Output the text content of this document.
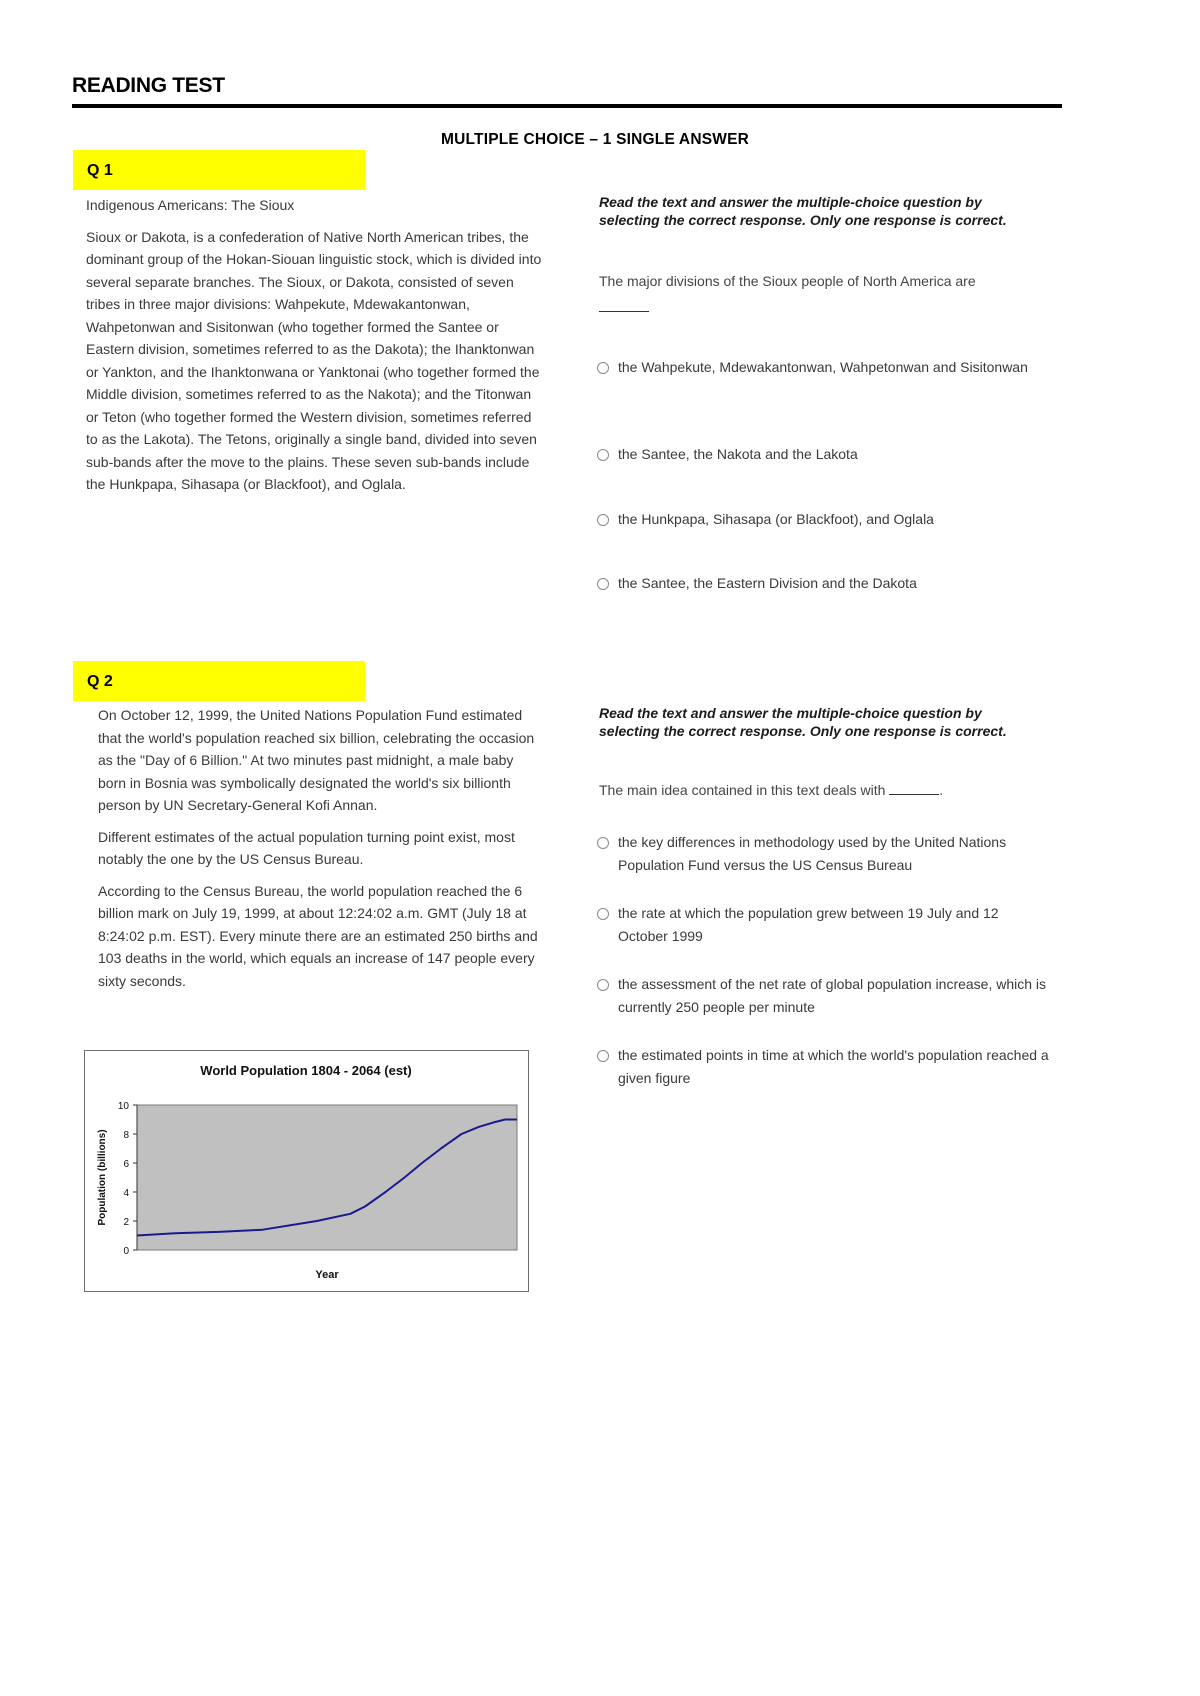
READING TEST
MULTIPLE CHOICE – 1 SINGLE ANSWER
Q 1

Indigenous Americans: The Sioux

Sioux or Dakota, is a confederation of Native North American tribes, the dominant group of the Hokan-Siouan linguistic stock, which is divided into several separate branches. The Sioux, or Dakota, consisted of seven tribes in three major divisions: Wahpekute, Mdewakantonwan, Wahpetonwan and Sisitonwan (who together formed the Santee or Eastern division, sometimes referred to as the Dakota); the Ihanktonwan or Yankton, and the Ihanktonwana or Yanktonai (who together formed the Middle division, sometimes referred to as the Nakota); and the Titonwan or Teton (who together formed the Western division, sometimes referred to as the Lakota). The Tetons, originally a single band, divided into seven sub-bands after the move to the plains. These seven sub-bands include the Hunkpapa, Sihasapa (or Blackfoot), and Oglala.

Read the text and answer the multiple-choice question by selecting the correct response. Only one response is correct.
The major divisions of the Sioux people of North America are

the Wahpekute, Mdewakantonwan, Wahpetonwan and Sisitonwan
the Santee, the Nakota and the Lakota
the Hunkpapa, Sihasapa (or Blackfoot), and Oglala
the Santee, the Eastern Division and the Dakota
Q 2

On October 12, 1999, the United Nations Population Fund estimated that the world's population reached six billion, celebrating the occasion as the "Day of 6 Billion." At two minutes past midnight, a male baby born in Bosnia was symbolically designated the world's six billionth person by UN Secretary-General Kofi Annan.

Different estimates of the actual population turning point exist, most notably the one by the US Census Bureau.

According to the Census Bureau, the world population reached the 6 billion mark on July 19, 1999, at about 12:24:02 a.m. GMT (July 18 at 8:24:02 p.m. EST). Every minute there are an estimated 250 births and 103 deaths in the world, which equals an increase of 147 people every sixty seconds.

Read the text and answer the multiple-choice question by selecting the correct response. Only one response is correct.
The main idea contained in this text deals with	.
the key differences in methodology used by the United Nations Population Fund versus the US Census Bureau
the rate at which the population grew between 19 July and 12 October 1999
the assessment of the net rate of global population increase, which is currently 250 people per minute
the estimated points in time at which the world's population reached a given figure
World Population 1804 - 2064 (est)
0
2
4
6
8
10
Population (billions)
Year
